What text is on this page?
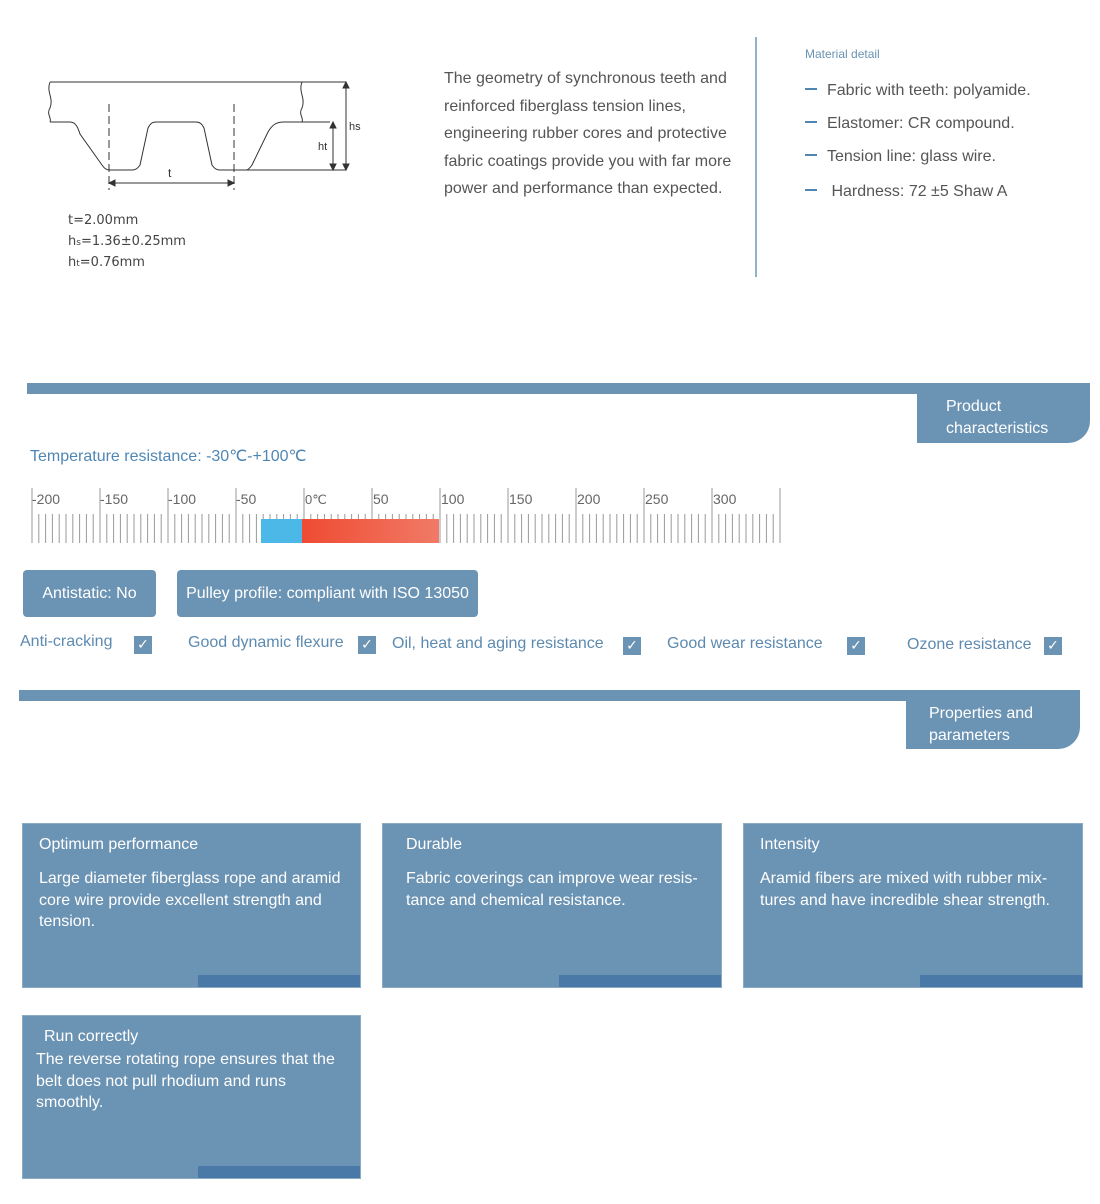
t
hs
ht
t=2.00mm
hs=1.36±0.25mm
ht=0.76mm

The geometry of synchronous teeth and reinforced fiberglass tension lines, engineering rubber cores and protective fabric coatings provide you with far more power and performance than expected.

Material detail
Fabric with teeth: polyamide.
Elastomer: CR compound.
Tension line: glass wire.
Hardness: 72 ±5 Shaw A
Product
characteristics
Temperature resistance: -30℃-+100℃
-200	-150	-100	-50	0℃	50	100	150	200	250	300
Antistatic: No	Pulley profile: compliant with ISO 13050
Anti-cracking ✓ Good dynamic flexure ✓ Oil, heat and aging resistance ✓ Good wear resistance ✓	Ozone resistance ✓
Properties and
parameters
Optimum performance
Large diameter fiberglass rope and aramid core wire provide excellent strength and tension.
Durable
Fabric coverings can improve wear resis-tance and chemical resistance.
Intensity
Aramid fibers are mixed with rubber mix-tures and have incredible shear strength.
Run correctly
The reverse rotating rope ensures that the belt does not pull rhodium and runs smoothly.
